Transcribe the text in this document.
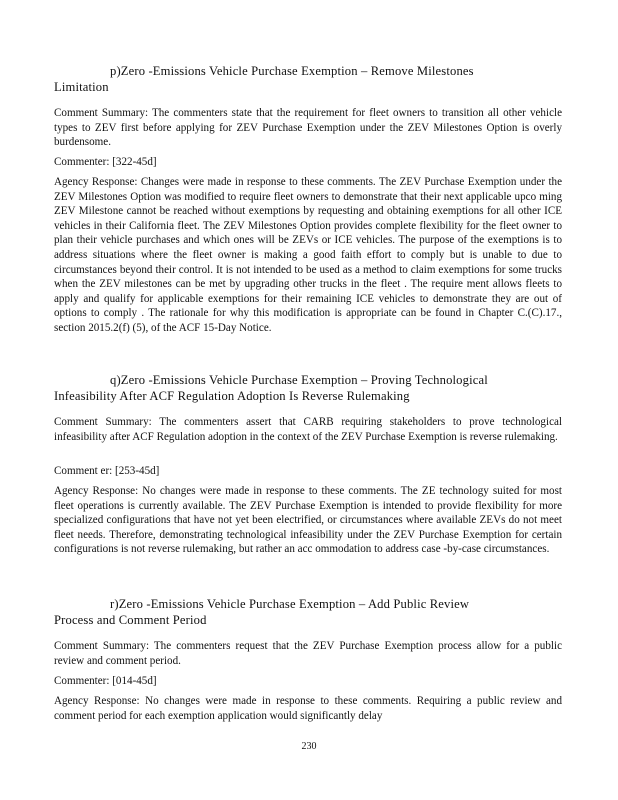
p)Zero -Emissions Vehicle Purchase Exemption – Remove Milestones
Limitation
Comment Summary: The commenters state that the requirement for fleet owners to transition all other vehicle types to ZEV first before applying for ZEV Purchase Exemption under the ZEV Milestones Option is overly burdensome.
Commenter: [322-45d]
Agency Response: Changes were made in response to these comments. The ZEV Purchase Exemption under the ZEV Milestones Option was modified to require fleet owners to demonstrate that their next applicable upco ming ZEV Milestone cannot be reached without exemptions by requesting and obtaining exemptions for all other ICE vehicles in their California fleet. The ZEV Milestones Option provides complete flexibility for the fleet owner to plan their vehicle purchases and which ones will be ZEVs or ICE vehicles. The purpose of the exemptions is to address situations where the fleet owner is making a good faith effort to comply but is unable to due to circumstances beyond their control. It is not intended to be used as a method to claim exemptions for some trucks when the ZEV milestones can be met by upgrading other trucks in the fleet . The require ment allows fleets to apply and qualify for applicable exemptions for their remaining ICE vehicles to demonstrate they are out of options to comply . The rationale for why this modification is appropriate can be found in Chapter C.(C).17., section 2015.2(f) (5), of the ACF 15-Day Notice.
q)Zero -Emissions Vehicle Purchase Exemption – Proving Technological
Infeasibility After ACF Regulation Adoption Is Reverse Rulemaking
Comment Summary: The commenters assert that CARB requiring stakeholders to prove technological infeasibility after ACF Regulation adoption in the context of the ZEV Purchase Exemption is reverse rulemaking.
Comment er: [253-45d]
Agency Response: No changes were made in response to these comments. The ZE technology suited for most fleet operations is currently available. The ZEV Purchase Exemption is intended to provide flexibility for more specialized configurations that have not yet been electrified, or circumstances where available ZEVs do not meet fleet needs. Therefore, demonstrating technological infeasibility under the ZEV Purchase Exemption for certain configurations is not reverse rulemaking, but rather an acc ommodation to address case -by-case circumstances.
r)Zero -Emissions Vehicle Purchase Exemption – Add Public Review
Process and Comment Period
Comment Summary: The commenters request that the ZEV Purchase Exemption process allow for a public review and comment period.
Commenter: [014-45d]
Agency Response: No changes were made in response to these comments. Requiring a public review and comment period for each exemption application would significantly delay
230
